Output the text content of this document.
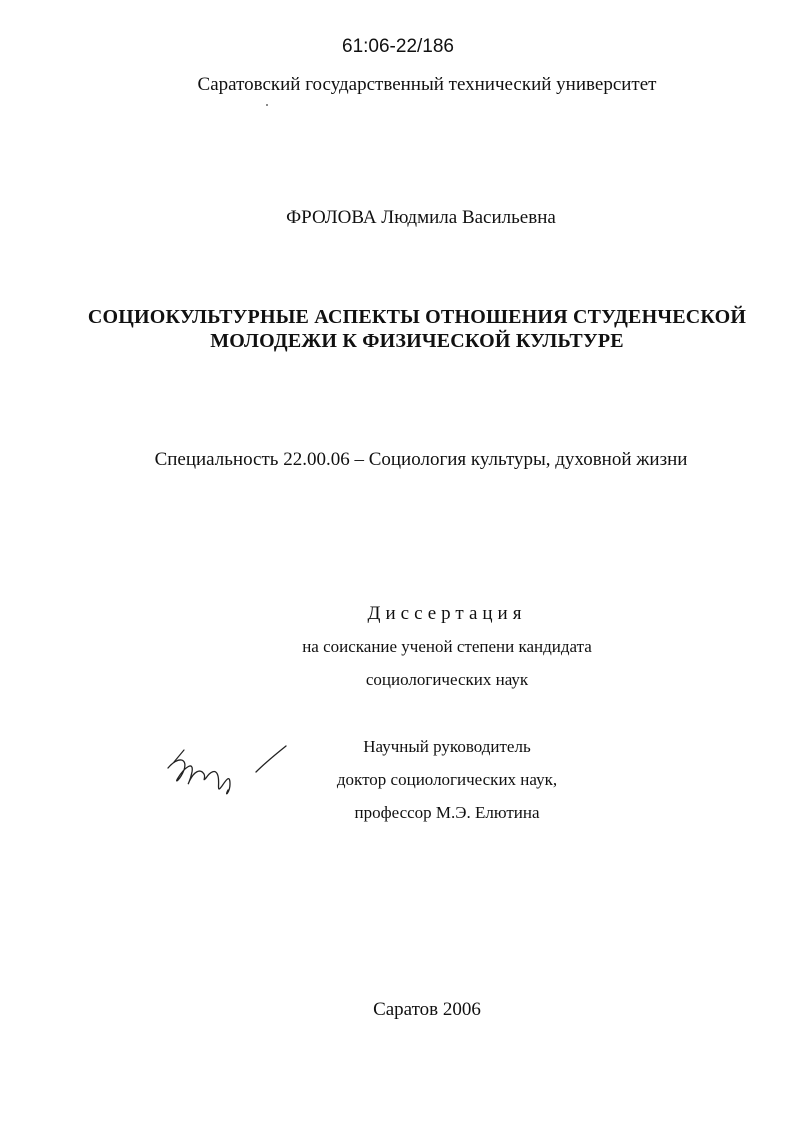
61:06-22/186
Саратовский государственный технический университет
ФРОЛОВА Людмила Васильевна
СОЦИОКУЛЬТУРНЫЕ АСПЕКТЫ ОТНОШЕНИЯ СТУДЕНЧЕСКОЙ
МОЛОДЕЖИ К ФИЗИЧЕСКОЙ КУЛЬТУРЕ
Специальность 22.00.06 – Социология культуры, духовной жизни
Диссертация
на соискание ученой степени кандидата
социологических наук
Научный руководитель
доктор социологических наук,
профессор М.Э. Елютина
Саратов 2006
